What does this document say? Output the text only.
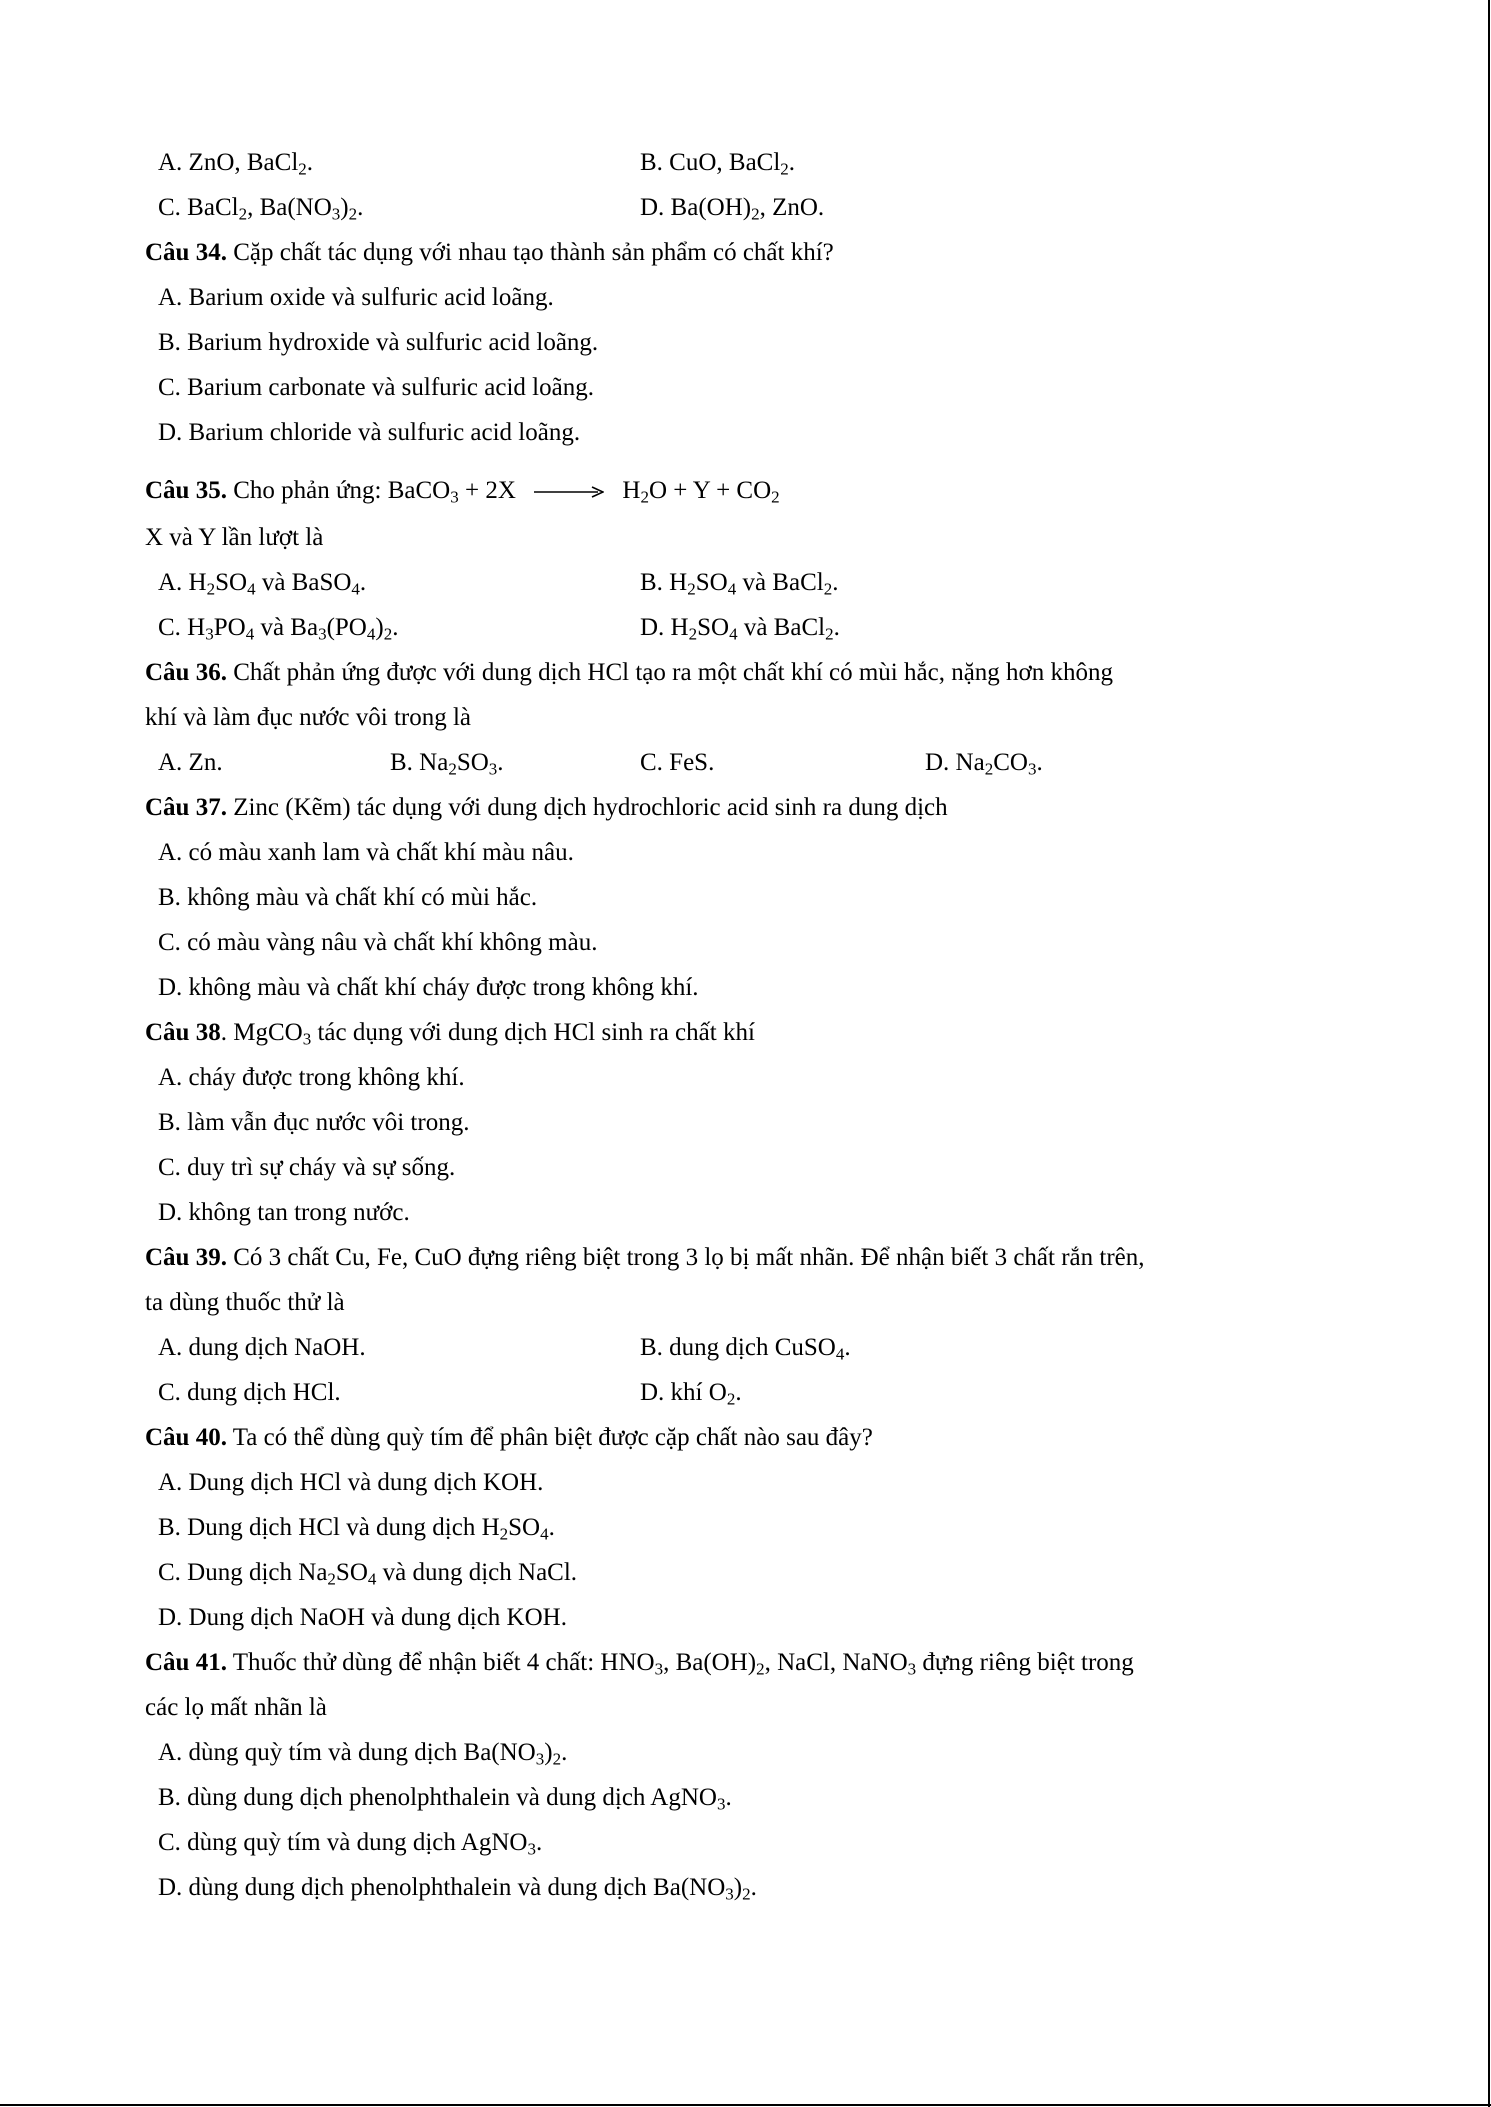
A. ZnO, BaCl$_2$.	B. CuO, BaCl$_2$.
C. BaCl$_2$, $Ba(NO_3)_2$.	D. $Ba(OH)_2$, ZnO.
Câu 34. Cặp chất tác dụng với nhau tạo thành sản phẩm có chất khí?
A. Barium oxide và sulfuric acid loãng.
B. Barium hydroxide và sulfuric acid loãng.
C. Barium carbonate và sulfuric acid loãng.
D. Barium chloride và sulfuric acid loãng.
Câu 35. Cho phản ứng: BaCO$_3$ + $2X \to H_2O + Y + CO_2$
X và Y lần lượt là
A. $H_2SO_4$ và BaSO$_4$.	B. $H_2SO_4$ và BaCl$_2$.
C. $H_3PO_4$ và $Ba_3(PO_4)_2$.	D. $H_2SO_4$ và BaCl$_2$.
Câu 36. Chất phản ứng được với dung dịch HCl tạo ra một chất khí có mùi hắc, nặng hơn không
khí và làm đục nước vôi trong là
A. Zn.	B. $Na_2SO_3$.	C. FeS.	D. $Na_2CO_3$.
Câu 37. Zinc (Kẽm) tác dụng với dung dịch hydrochloric acid sinh ra dung dịch
A. có màu xanh lam và chất khí màu nâu.
B. không màu và chất khí có mùi hắc.
C. có màu vàng nâu và chất khí không màu.
D. không màu và chất khí cháy được trong không khí.
Câu 38. MgCO$_3$ tác dụng với dung dịch HCl sinh ra chất khí
A. cháy được trong không khí.
B. làm vẫn đục nước vôi trong.
C. duy trì sự cháy và sự sống.
D. không tan trong nước.
Câu 39. Có 3 chất Cu, Fe, CuO đựng riêng biệt trong 3 lọ bị mất nhãn. Để nhận biết 3 chất rắn trên,
ta dùng thuốc thử là
A. dung dịch NaOH.	B. dung dịch CuSO$_4$.
C. dung dịch HCl.	D. khí $O_2$.
Câu 40. Ta có thể dùng quỳ tím để phân biệt được cặp chất nào sau đây?
A. Dung dịch HCl và dung dịch KOH.
B. Dung dịch HCl và dung dịch $H_2SO_4$.
C. Dung dịch $Na_2SO_4$ và dung dịch NaCl.
D. Dung dịch NaOH và dung dịch KOH.
Câu 41. Thuốc thử dùng để nhận biết 4 chất: $HNO_3$, $Ba(OH)_2$, NaCl, NaNO$_3$ đựng riêng biệt trong
các lọ mất nhãn là
A. dùng quỳ tím và dung dịch $Ba(NO_3)_2$.
B. dùng dung dịch phenolphthalein và dung dịch AgNO$_3$.
C. dùng quỳ tím và dung dịch AgNO$_3$.
D. dùng dung dịch phenolphthalein và dung dịch $Ba(NO_3)_2$.
